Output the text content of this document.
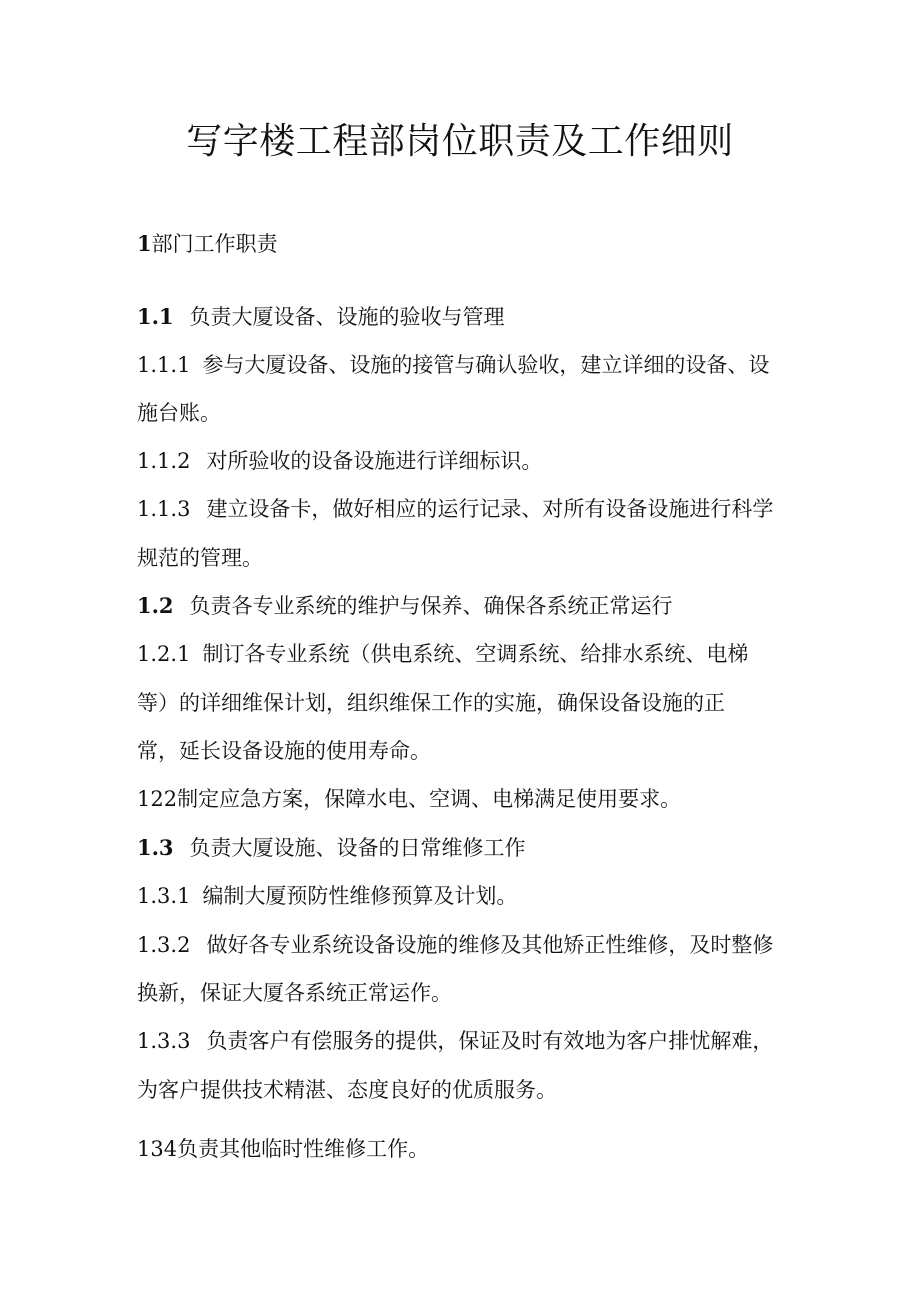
写字楼工程部岗位职责及工作细则
1部门工作职责
1.1 负责大厦设备、设施的验收与管理
1.1.1 参与大厦设备、设施的接管与确认验收，建立详细的设备、设
施台账。
1.1.2 对所验收的设备设施进行详细标识。
1.1.3 建立设备卡，做好相应的运行记录、对所有设备设施进行科学
规范的管理。
1.2 负责各专业系统的维护与保养、确保各系统正常运行
1.2.1 制订各专业系统（供电系统、空调系统、给排水系统、电梯
等）的详细维保计划，组织维保工作的实施，确保设备设施的正
常，延长设备设施的使用寿命。
122制定应急方案，保障水电、空调、电梯满足使用要求。
1.3 负责大厦设施、设备的日常维修工作
1.3.1 编制大厦预防性维修预算及计划。
1.3.2 做好各专业系统设备设施的维修及其他矫正性维修，及时整修
换新，保证大厦各系统正常运作。
1.3.3 负责客户有偿服务的提供，保证及时有效地为客户排忧解难，
为客户提供技术精湛、态度良好的优质服务。
134负责其他临时性维修工作。
